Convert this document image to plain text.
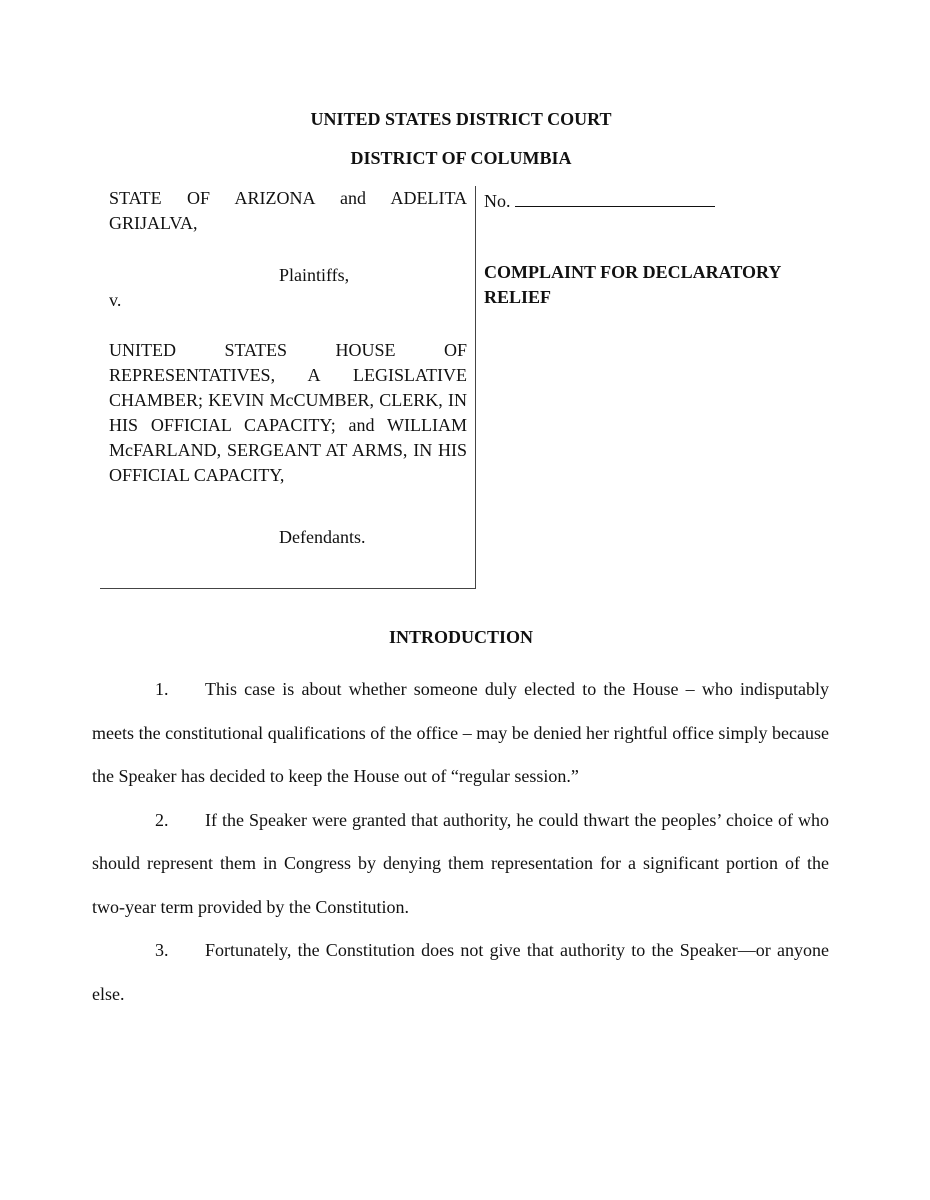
UNITED STATES DISTRICT COURT
DISTRICT OF COLUMBIA
STATE OF ARIZONA and ADELITA GRIJALVA,
Plaintiffs,
v.
UNITED STATES HOUSE OF REPRESENTATIVES, A LEGISLATIVE CHAMBER; KEVIN McCUMBER, CLERK, IN HIS OFFICIAL CAPACITY; and WILLIAM McFARLAND, SERGEANT AT ARMS, IN HIS OFFICIAL CAPACITY,
Defendants.
No.
COMPLAINT FOR DECLARATORY RELIEF
INTRODUCTION

1. This case is about whether someone duly elected to the House – who indisputably meets the constitutional qualifications of the office – may be denied her rightful office simply because the Speaker has decided to keep the House out of “regular session.”

2. If the Speaker were granted that authority, he could thwart the peoples’ choice of who should represent them in Congress by denying them representation for a significant portion of the two-year term provided by the Constitution.

3. Fortunately, the Constitution does not give that authority to the Speaker—or anyone else.
